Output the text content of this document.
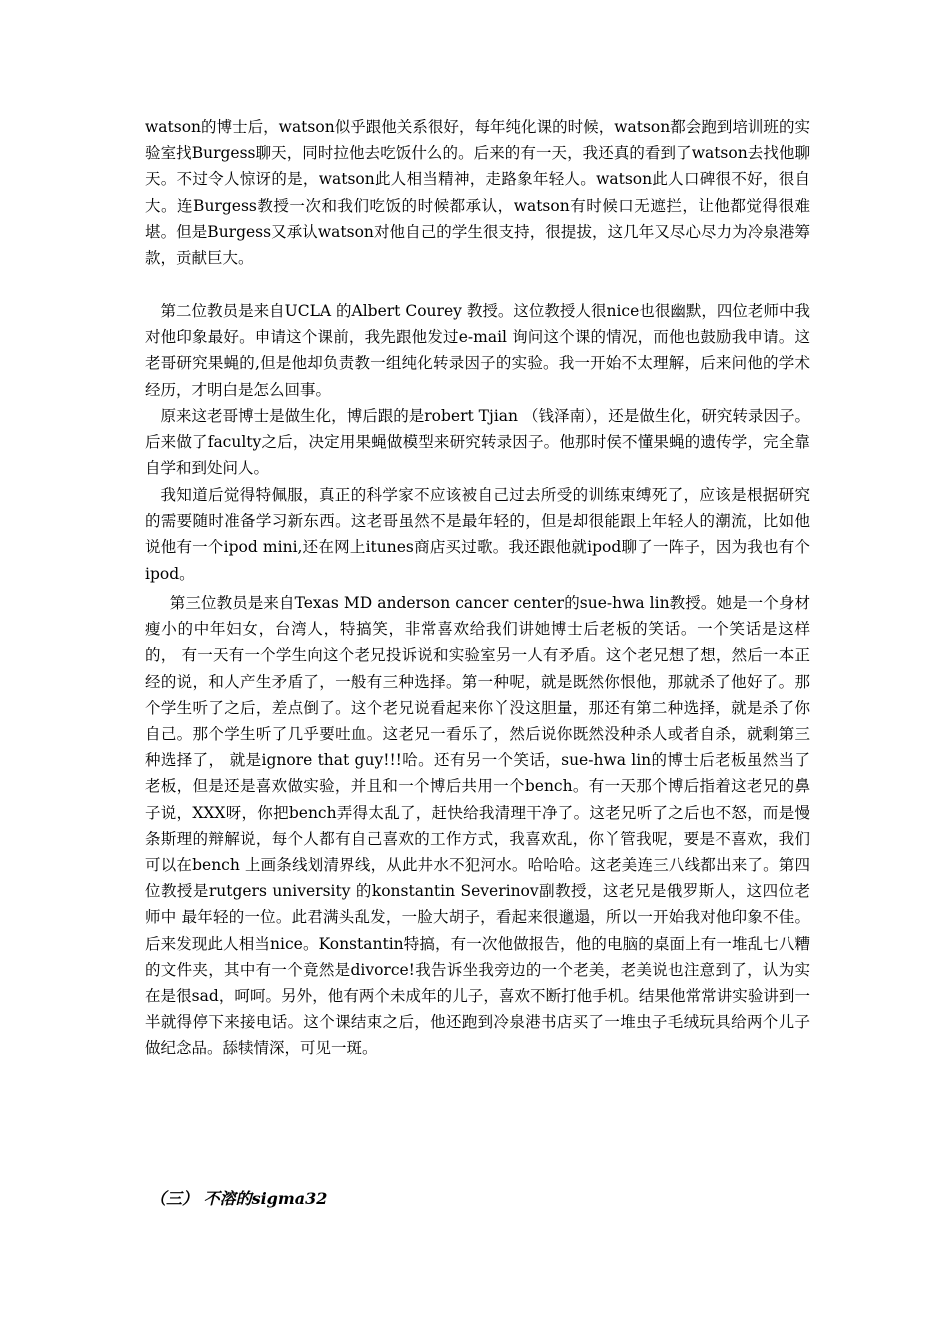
watson的博士后，watson似乎跟他关系很好，每年纯化课的时候，watson都会跑到培训班的实验室找Burgess聊天，同时拉他去吃饭什么的。后来的有一天，我还真的看到了watson去找他聊天。不过令人惊讶的是，watson此人相当精神，走路象年轻人。watson此人口碑很不好，很自大。连Burgess教授一次和我们吃饭的时候都承认，watson有时候口无遮拦，让他都觉得很难堪。但是Burgess又承认watson对他自己的学生很支持，很提拔，这几年又尽心尽力为冷泉港筹款，贡献巨大。

第二位教员是来自UCLA 的Albert Courey 教授。这位教授人很nice也很幽默，四位老师中我对他印象最好。申请这个课前，我先跟他发过e-mail 询问这个课的情况，而他也鼓励我申请。这老哥研究果蝇的,但是他却负责教一组纯化转录因子的实验。我一开始不太理解，后来问他的学术经历，才明白是怎么回事。

原来这老哥博士是做生化，博后跟的是robert Tjian （钱泽南），还是做生化，研究转录因子。后来做了faculty之后，决定用果蝇做模型来研究转录因子。他那时侯不懂果蝇的遗传学，完全靠自学和到处问人。

我知道后觉得特佩服，真正的科学家不应该被自己过去所受的训练束缚死了，应该是根据研究的需要随时准备学习新东西。这老哥虽然不是最年轻的，但是却很能跟上年轻人的潮流，比如他说他有一个ipod mini,还在网上itunes商店买过歌。我还跟他就ipod聊了一阵子，因为我也有个ipod。

第三位教员是来自Texas MD anderson cancer center的sue-hwa lin教授。她是一个身材瘦小的中年妇女，台湾人，特搞笑，非常喜欢给我们讲她博士后老板的笑话。一个笑话是这样的， 有一天有一个学生向这个老兄投诉说和实验室另一人有矛盾。这个老兄想了想，然后一本正经的说，和人产生矛盾了，一般有三种选择。第一种呢，就是既然你恨他，那就杀了他好了。那个学生听了之后，差点倒了。这个老兄说看起来你丫没这胆量，那还有第二种选择，就是杀了你自己。那个学生听了几乎要吐血。这老兄一看乐了，然后说你既然没种杀人或者自杀，就剩第三种选择了， 就是ignore that guy!!!哈。还有另一个笑话，sue-hwa lin的博士后老板虽然当了老板，但是还是喜欢做实验，并且和一个博后共用一个bench。有一天那个博后指着这老兄的鼻子说，XXX呀，你把bench弄得太乱了，赶快给我清理干净了。这老兄听了之后也不怒，而是慢条斯理的辩解说，每个人都有自己喜欢的工作方式，我喜欢乱，你丫管我呢，要是不喜欢，我们可以在bench 上画条线划清界线，从此井水不犯河水。哈哈哈。这老美连三八线都出来了。第四位教授是rutgers university 的konstantin Severinov副教授，这老兄是俄罗斯人，这四位老师中 最年轻的一位。此君满头乱发，一脸大胡子，看起来很邋遢，所以一开始我对他印象不佳。后来发现此人相当nice。Konstantin特搞，有一次他做报告，他的电脑的桌面上有一堆乱七八糟的文件夹，其中有一个竟然是divorce!我告诉坐我旁边的一个老美，老美说也注意到了，认为实在是很sad，呵呵。另外，他有两个未成年的儿子，喜欢不断打他手机。结果他常常讲实验讲到一半就得停下来接电话。这个课结束之后，他还跑到冷泉港书店买了一堆虫子毛绒玩具给两个儿子做纪念品。舔犊情深，可见一斑。

（三） 不溶的sigma32
